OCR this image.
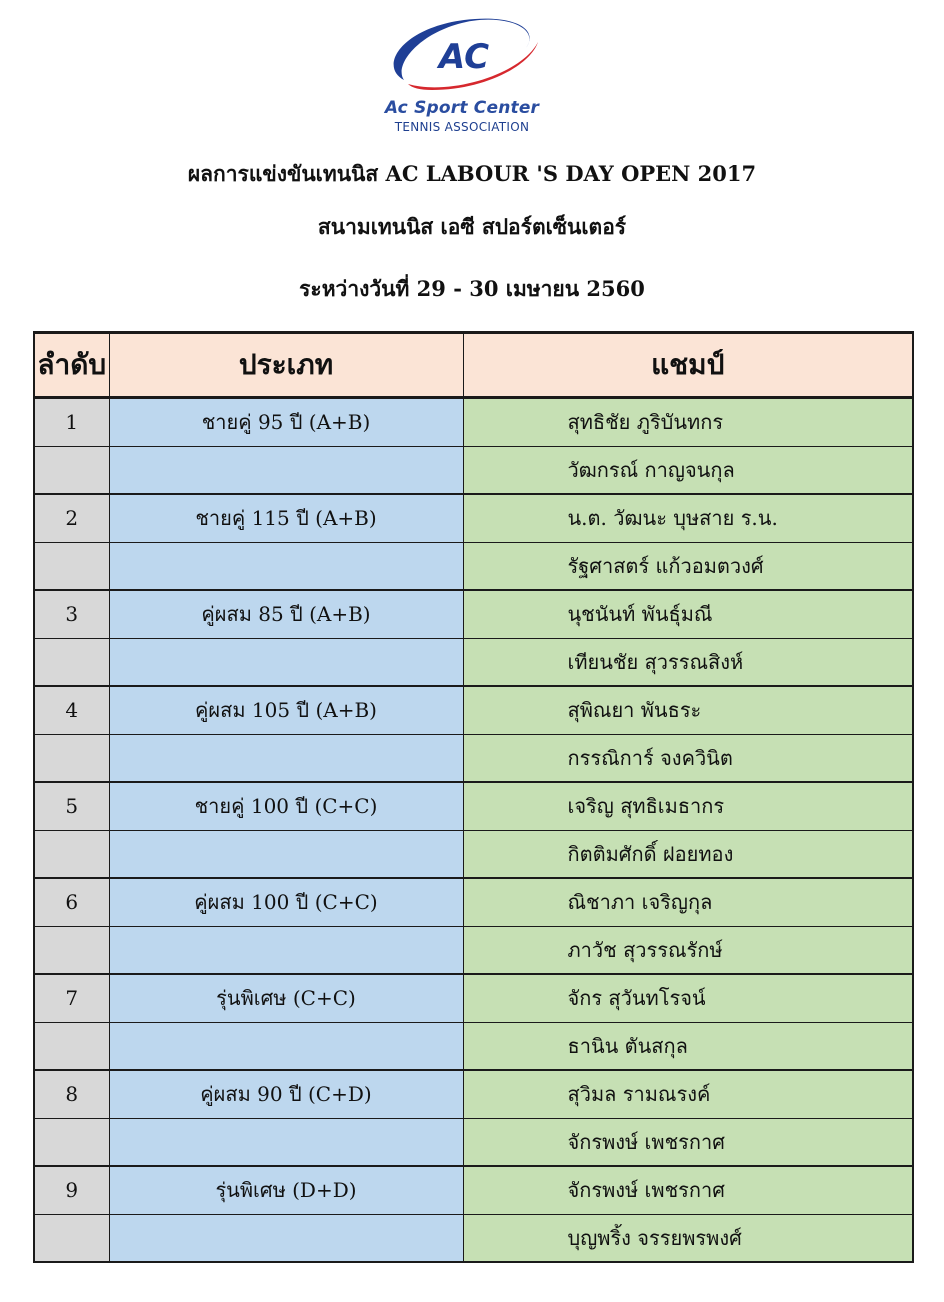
AC
Ac Sport Center
TENNIS ASSOCIATION
ผลการแข่งขันเทนนิส AC LABOUR 'S DAY OPEN 2017
สนามเทนนิส เอซี สปอร์ตเซ็นเตอร์
ระหว่างวันที่ 29 - 30 เมษายน 2560
ลำดับ	ประเภท	แชมป์
1	ชายคู่ 95 ปี (A+B)	สุทธิชัย ภูริบันทกร
		วัฒกรณ์ กาญจนกุล
2	ชายคู่ 115 ปี (A+B)	น.ต. วัฒนะ บุษสาย ร.น.
		รัฐศาสตร์ แก้วอมตวงศ์
3	คู่ผสม 85 ปี (A+B)	นุชนันท์ พันธุ์มณี
		เทียนชัย สุวรรณสิงห์
4	คู่ผสม 105 ปี (A+B)	สุพิณยา พันธระ
		กรรณิการ์ จงควินิต
5	ชายคู่ 100 ปี (C+C)	เจริญ สุทธิเมธากร
		กิตติมศักดิ์ ฝอยทอง
6	คู่ผสม 100 ปี (C+C)	ณิชาภา เจริญกุล
		ภาวัช สุวรรณรักษ์
7	รุ่นพิเศษ (C+C)	จักร สุวันทโรจน์
		ธานิน ตันสกุล
8	คู่ผสม 90 ปี (C+D)	สุวิมล รามณรงค์
		จักรพงษ์ เพชรกาศ
9	รุ่นพิเศษ (D+D)	จักรพงษ์ เพชรกาศ
		บุญพริ้ง จรรยพรพงศ์
